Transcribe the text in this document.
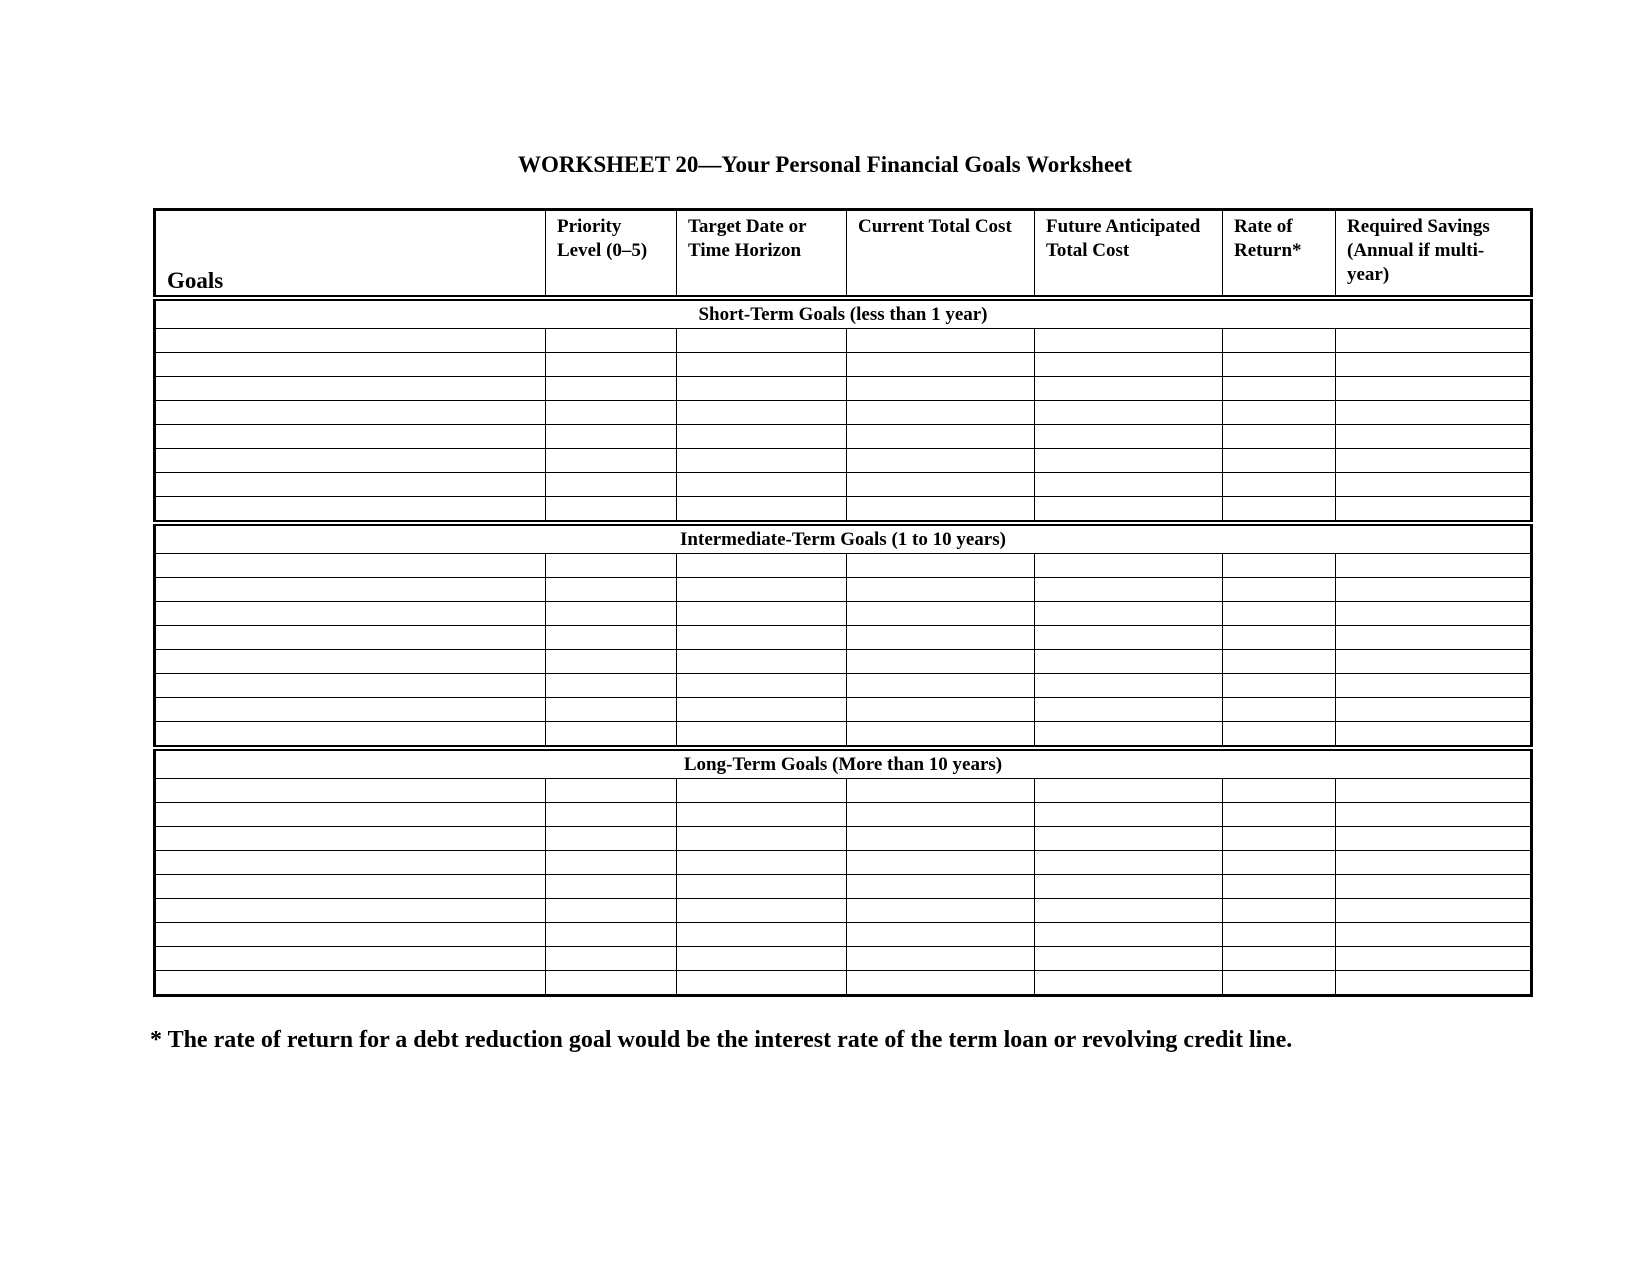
WORKSHEET 20—Your Personal Financial Goals Worksheet
Goals	Priority Level (0–5)	Target Date or Time Horizon	Current Total Cost	Future Anticipated Total Cost	Rate of Return*	Required Savings (Annual if multi-year)
Short-Term Goals (less than 1 year)						

Intermediate-Term Goals (1 to 10 years)						

Long-Term Goals (More than 10 years)						

* The rate of return for a debt reduction goal would be the interest rate of the term loan or revolving credit line.
